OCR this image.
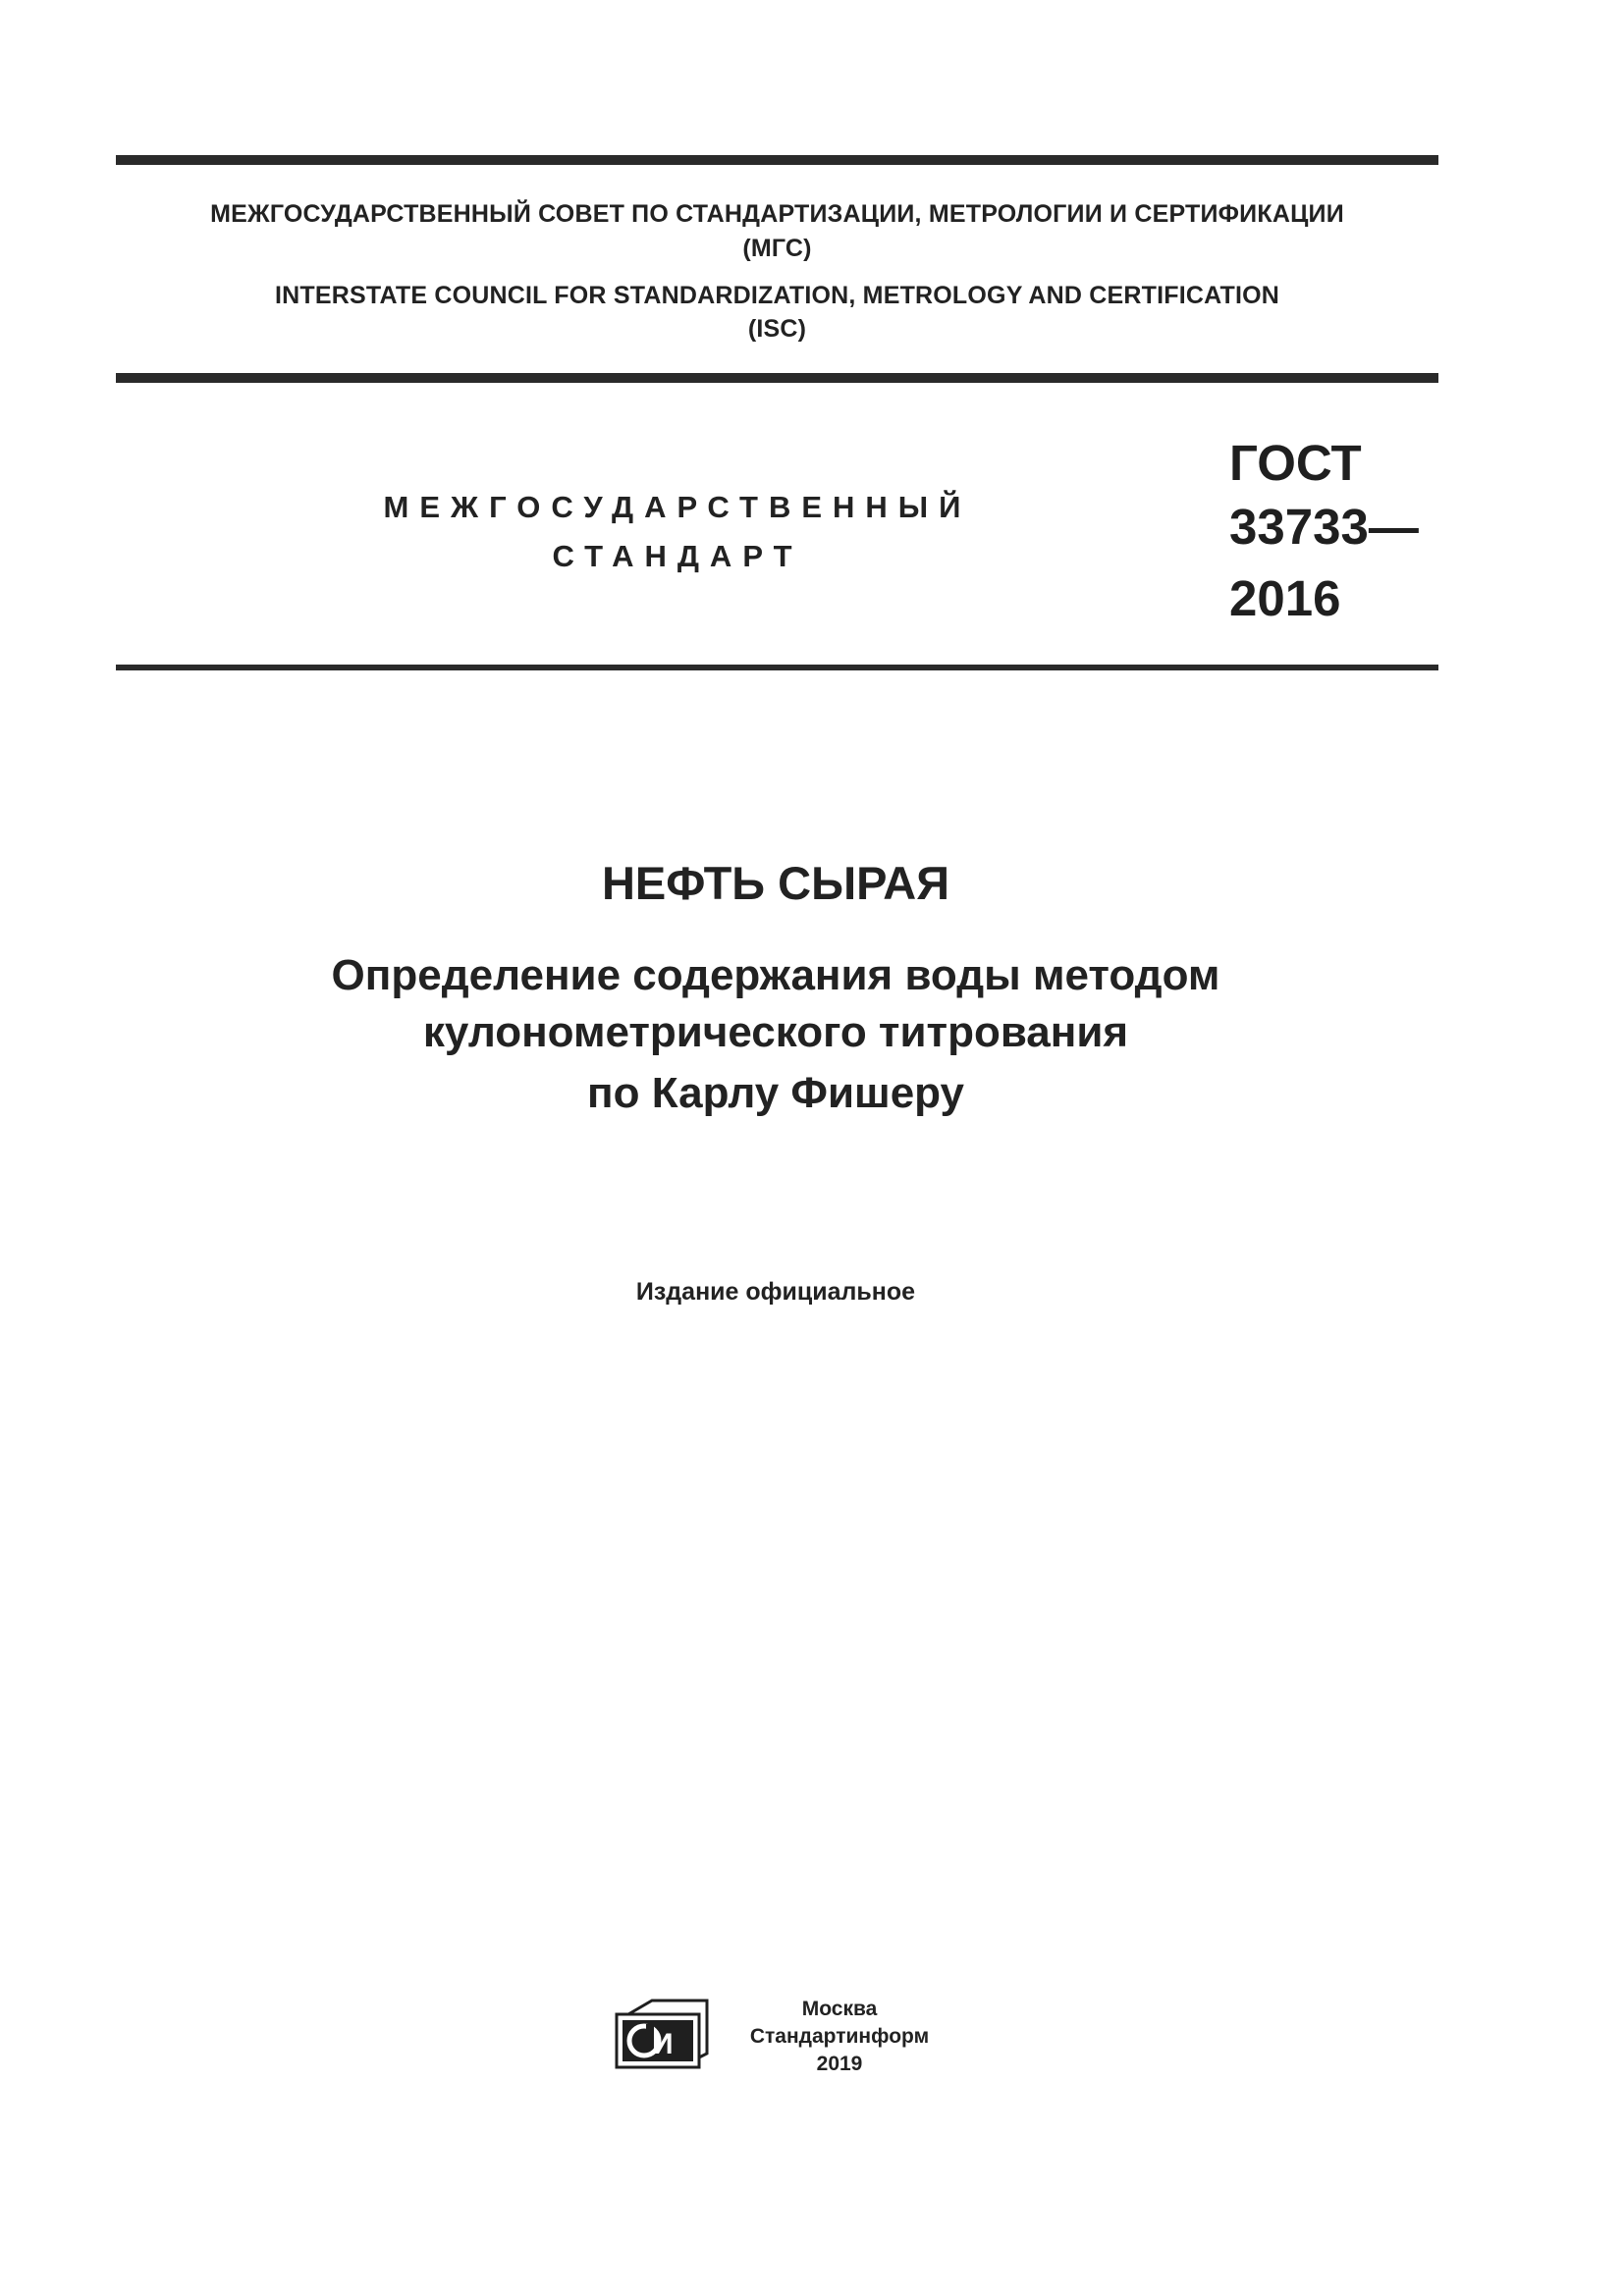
МЕЖГОСУДАРСТВЕННЫЙ СОВЕТ ПО СТАНДАРТИЗАЦИИ, МЕТРОЛОГИИ И СЕРТИФИКАЦИИ
(МГС)
INTERSTATE COUNCIL FOR STANDARDIZATION, METROLOGY AND CERTIFICATION
(ISC)
МЕЖГОСУДАРСТВЕННЫЙ
СТАНДАРТ
ГОСТ
33733—
2016
НЕФТЬ СЫРАЯ
Определение содержания воды методом
кулонометрического титрования
по Карлу Фишеру
Издание официальное
И
Москва
Стандартинформ
2019
